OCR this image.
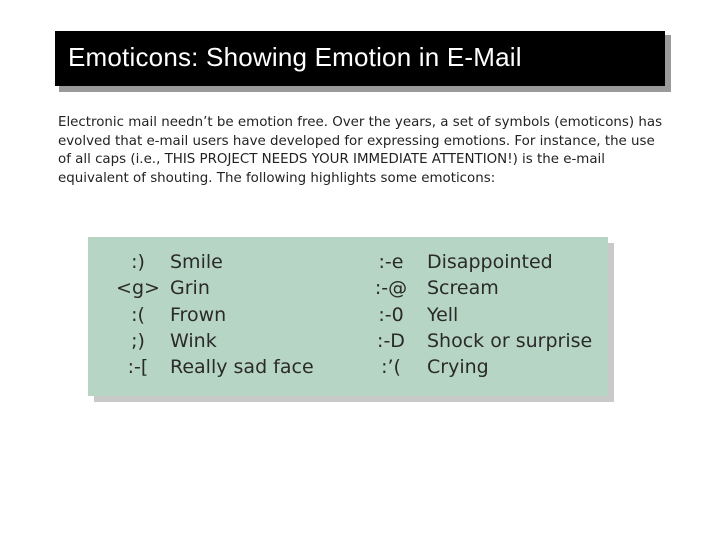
Emoticons: Showing Emotion in E-Mail
Electronic mail needn’t be emotion free. Over the years, a set of symbols (emoticons) has
evolved that e-mail users have developed for expressing emotions. For instance, the use
of all caps (i.e., THIS PROJECT NEEDS YOUR IMMEDIATE ATTENTION!) is the e-mail
equivalent of shouting. The following highlights some emoticons:
:)	Smile	:-e	Disappointed
<g> Grin	:-@	Scream
:(	Frown	:-0	Yell
;)	Wink	:-D	Shock or surprise
:-[	Really sad face	:’(	Crying
